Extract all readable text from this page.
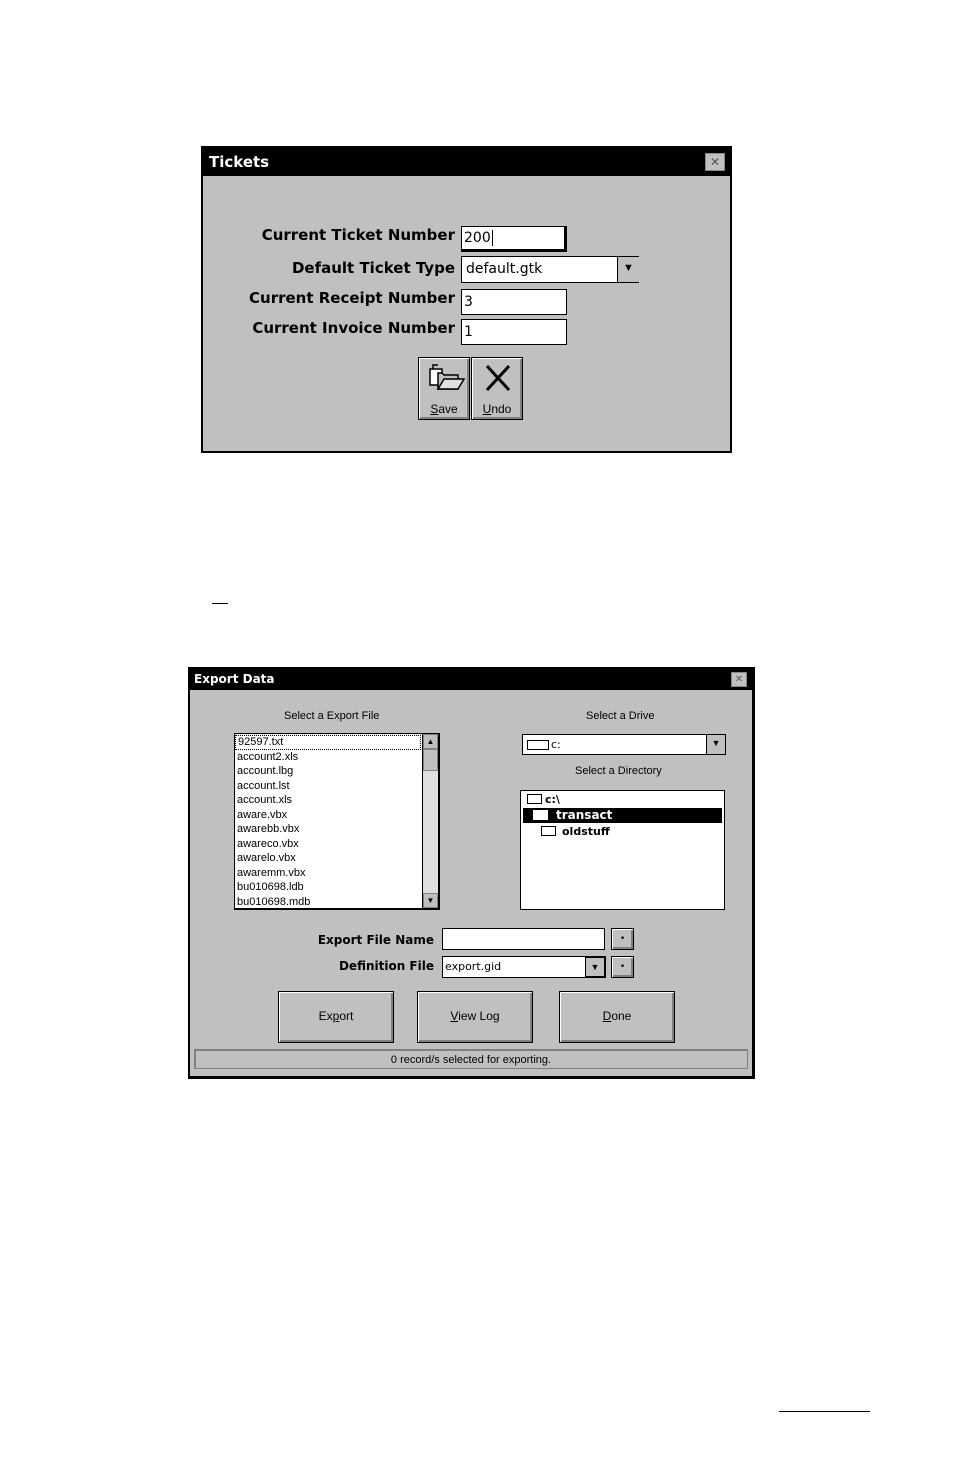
Tickets	✕
Current Ticket Number 200
Default Ticket Type default.gtk	▼
Current Receipt Number 3
Current Invoice Number 1
Save	Undo
Export Data	✕
Select a Export File
92597.txt
account2.xls
account.lbg
account.lst
account.xls
aware.vbx
awarebb.vbx
awareco.vbx
awarelo.vbx
awaremm.vbx
bu010698.ldb
bu010698.mdb
▲
▼
Select a Drive
c:	▼
Select a Directory
c:\
transact
oldstuff
Export File Name	•
Definition File export.gid	▼	•
Export	View Log	Done
0 record/s selected for exporting.
